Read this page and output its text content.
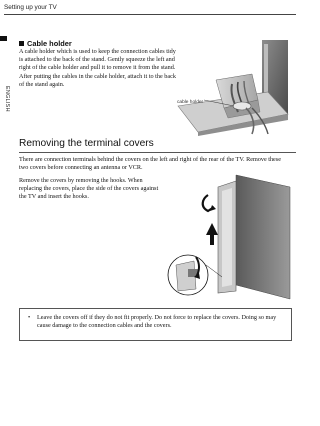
Setting up your TV
ENGLISH
Cable holder

A cable holder which is used to keep the connection cables tidy is attached to the back of the stand. Gently squeeze the left and right of the cable holder and pull it to remove it from the stand. After putting the cables in the cable holder, attach it to the back of the stand again.

cable holder
Removing the terminal covers

There are connection terminals behind the covers on the left and right of the rear of the TV. Remove these two covers before connecting an antenna or VCR.

Remove the covers by removing the hooks. When replacing the covers, place the side of the covers against the TV and insert the hooks.

• Leave the covers off if they do not fit properly. Do not force to replace the covers. Doing so may cause damage to the connection cables and the covers.
